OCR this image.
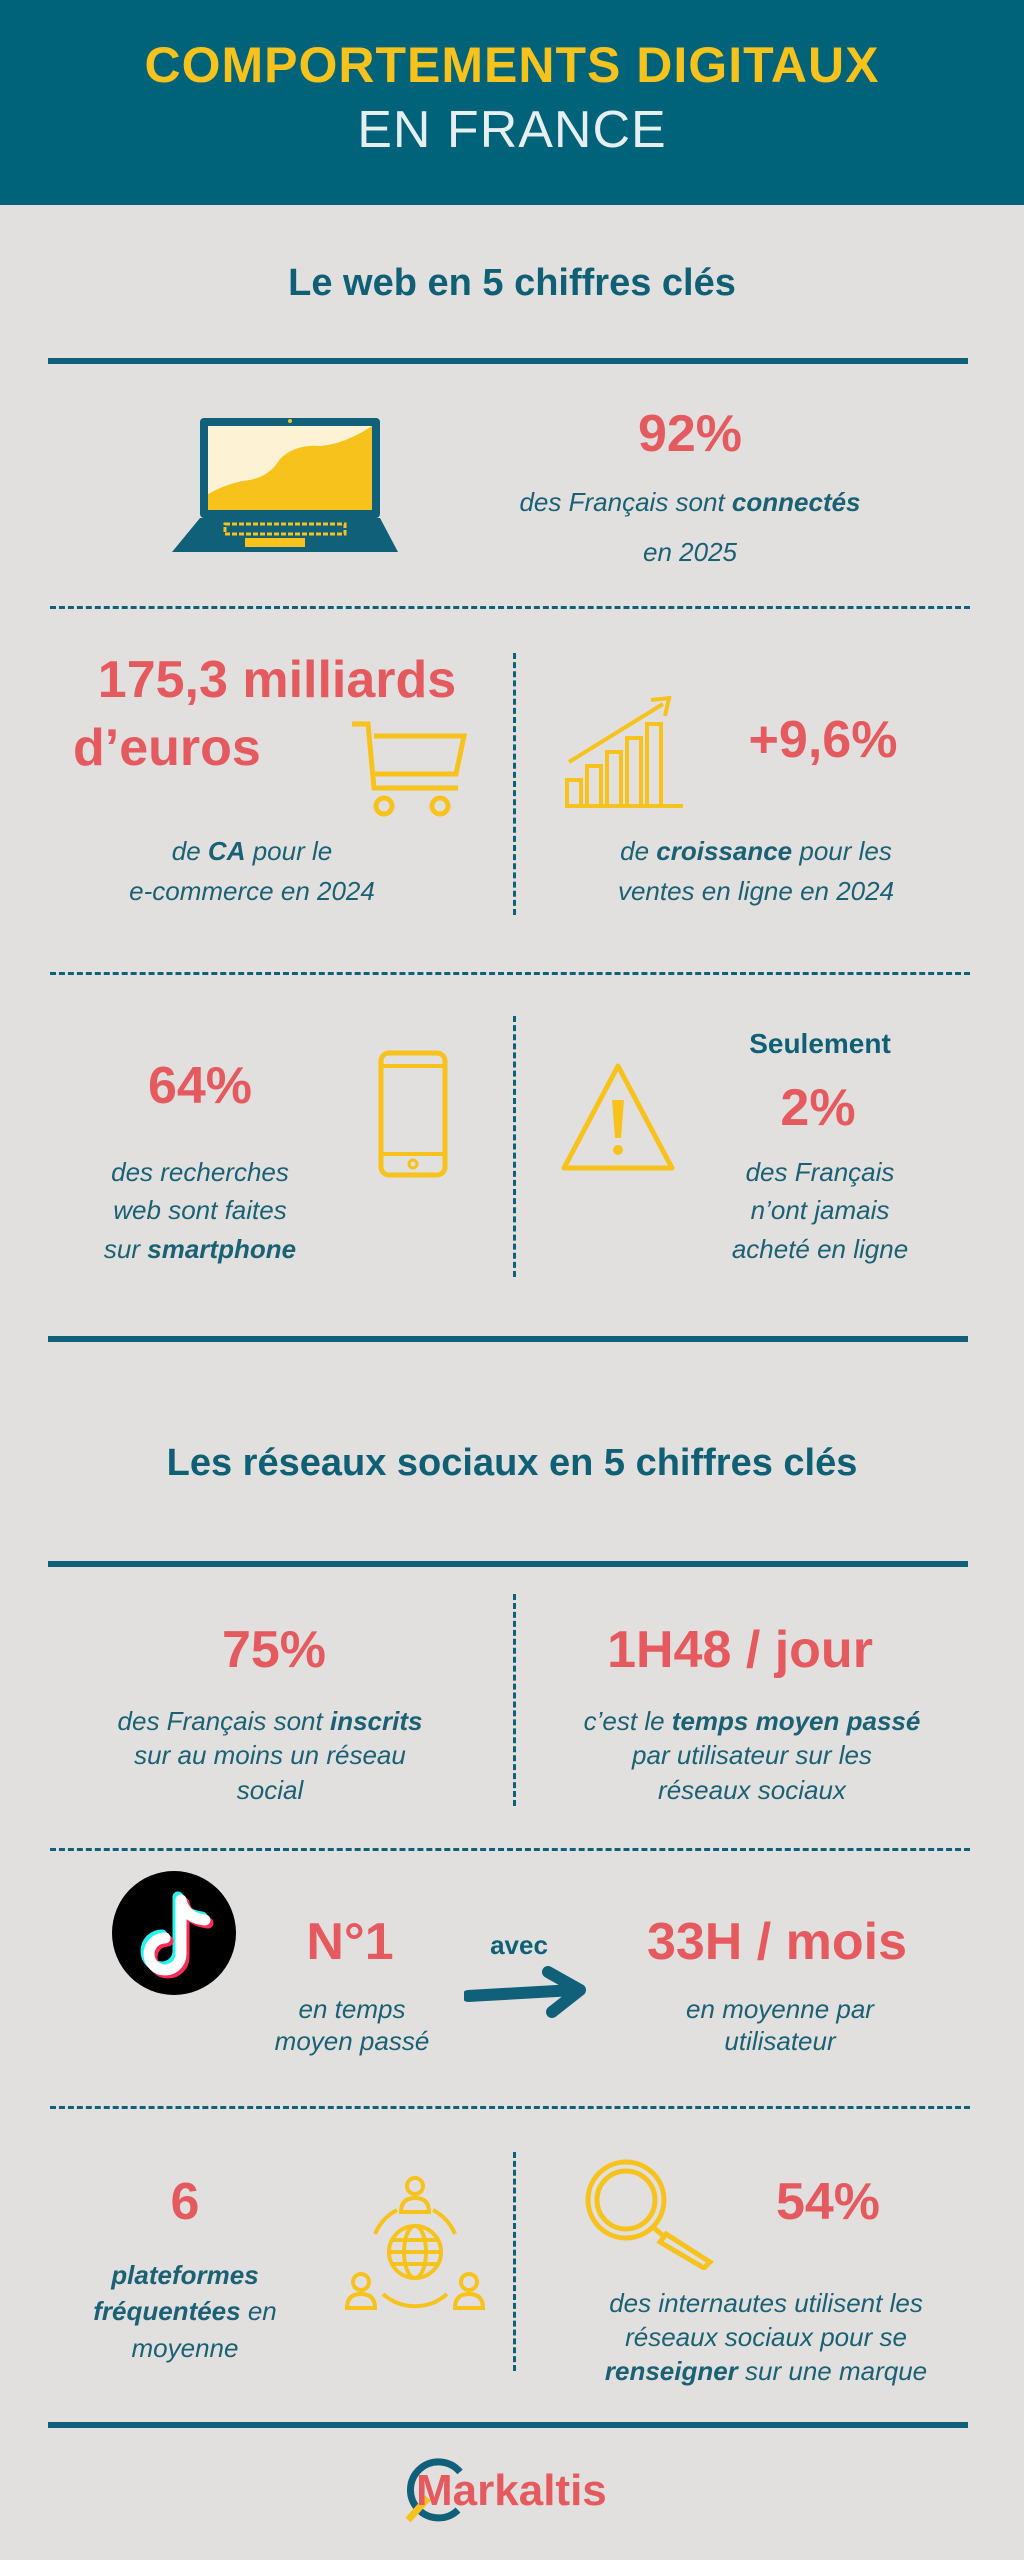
COMPORTEMENTS DIGITAUX
EN FRANCE
Le web en 5 chiffres clés
92%
des Français sont connectés
en 2025
175,3 milliards
d’euros
de CA pour le
e-commerce en 2024
+9,6%
de croissance pour les
ventes en ligne en 2024
64%
des recherches
web sont faites
sur smartphone
Seulement
2%
des Français
n’ont jamais
acheté en ligne
Les réseaux sociaux en 5 chiffres clés
75%
des Français sont inscrits
sur au moins un réseau
social
1H48 / jour
c’est le temps moyen passé
par utilisateur sur les
réseaux sociaux
N°1
en temps
moyen passé
avec 33H / mois
en moyenne par
utilisateur
6
plateformes
fréquentées en
moyenne
54%
des internautes utilisent les
réseaux sociaux pour se
renseigner sur une marque
Markaltis
